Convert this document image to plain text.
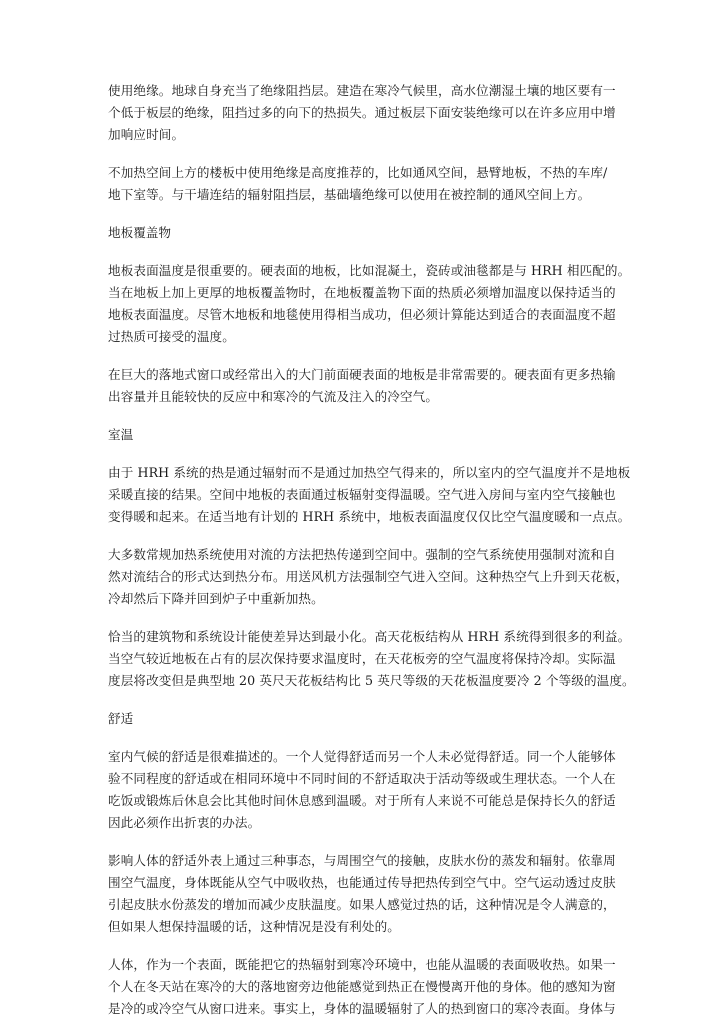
使用绝缘。地球自身充当了绝缘阻挡层。建造在寒冷气候里，高水位潮湿土壤的地区要有一
个低于板层的绝缘，阻挡过多的向下的热损失。通过板层下面安装绝缘可以在许多应用中增
加响应时间。
不加热空间上方的楼板中使用绝缘是高度推荐的，比如通风空间，悬臂地板，不热的车库/
地下室等。与干墙连结的辐射阻挡层，基础墙绝缘可以使用在被控制的通风空间上方。
地板覆盖物
地板表面温度是很重要的。硬表面的地板，比如混凝土，瓷砖或油毯都是与 HRH 相匹配的。
当在地板上加上更厚的地板覆盖物时，在地板覆盖物下面的热质必须增加温度以保持适当的
地板表面温度。尽管木地板和地毯使用得相当成功，但必须计算能达到适合的表面温度不超
过热质可接受的温度。
在巨大的落地式窗口或经常出入的大门前面硬表面的地板是非常需要的。硬表面有更多热输
出容量并且能较快的反应中和寒冷的气流及注入的冷空气。
室温
由于 HRH 系统的热是通过辐射而不是通过加热空气得来的，所以室内的空气温度并不是地板
采暖直接的结果。空间中地板的表面通过板辐射变得温暖。空气进入房间与室内空气接触也
变得暖和起来。在适当地有计划的 HRH 系统中，地板表面温度仅仅比空气温度暖和一点点。
大多数常规加热系统使用对流的方法把热传递到空间中。强制的空气系统使用强制对流和自
然对流结合的形式达到热分布。用送风机方法强制空气进入空间。这种热空气上升到天花板，
冷却然后下降并回到炉子中重新加热。
恰当的建筑物和系统设计能使差异达到最小化。高天花板结构从 HRH 系统得到很多的利益。
当空气较近地板在占有的层次保持要求温度时，在天花板旁的空气温度将保持冷却。实际温
度层将改变但是典型地 20 英尺天花板结构比 5 英尺等级的天花板温度要冷 2 个等级的温度。
舒适
室内气候的舒适是很难描述的。一个人觉得舒适而另一个人未必觉得舒适。同一个人能够体
验不同程度的舒适或在相同环境中不同时间的不舒适取决于活动等级或生理状态。一个人在
吃饭或锻炼后休息会比其他时间休息感到温暖。对于所有人来说不可能总是保持长久的舒适
因此必须作出折衷的办法。
影响人体的舒适外表上通过三种事态，与周围空气的接触，皮肤水份的蒸发和辐射。依靠周
围空气温度，身体既能从空气中吸收热，也能通过传导把热传到空气中。空气运动透过皮肤
引起皮肤水份蒸发的增加而减少皮肤温度。如果人感觉过热的话，这种情况是令人满意的，
但如果人想保持温暖的话，这种情况是没有利处的。
人体，作为一个表面，既能把它的热辐射到寒冷环境中，也能从温暖的表面吸收热。如果一
个人在冬天站在寒冷的大的落地窗旁边他能感觉到热正在慢慢离开他的身体。他的感知为窗
是冷的或冷空气从窗口进来。事实上，身体的温暖辐射了人的热到窗口的寒冷表面。身体与
